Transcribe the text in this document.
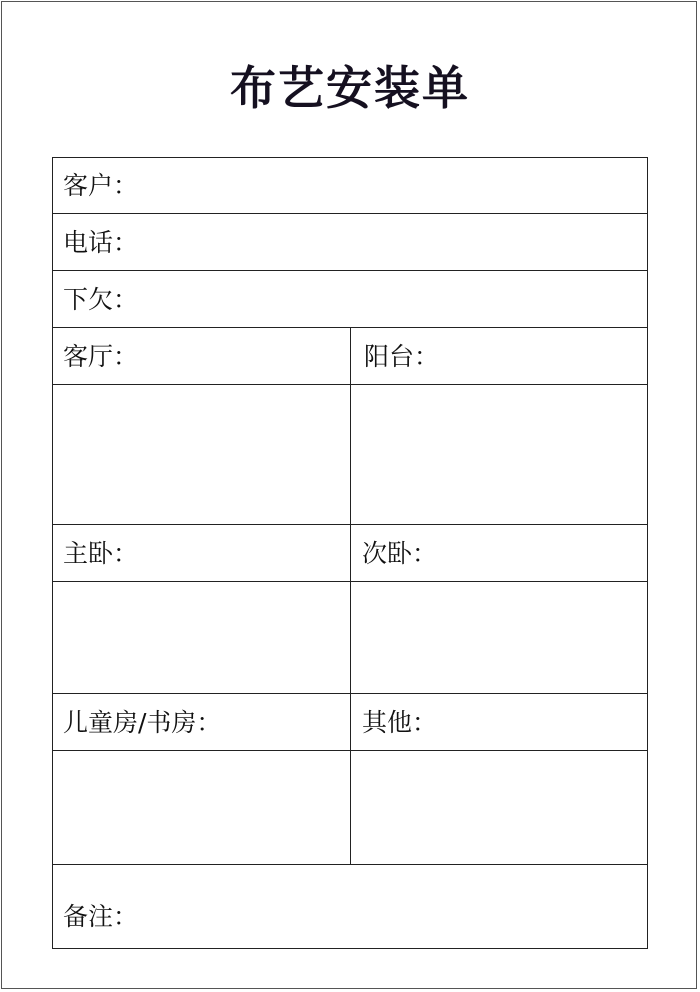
布艺安装单
客户：
电话：
下欠：
客厅：	阳台：
主卧：	次卧：
儿童房/书房：	其他：
备注：
